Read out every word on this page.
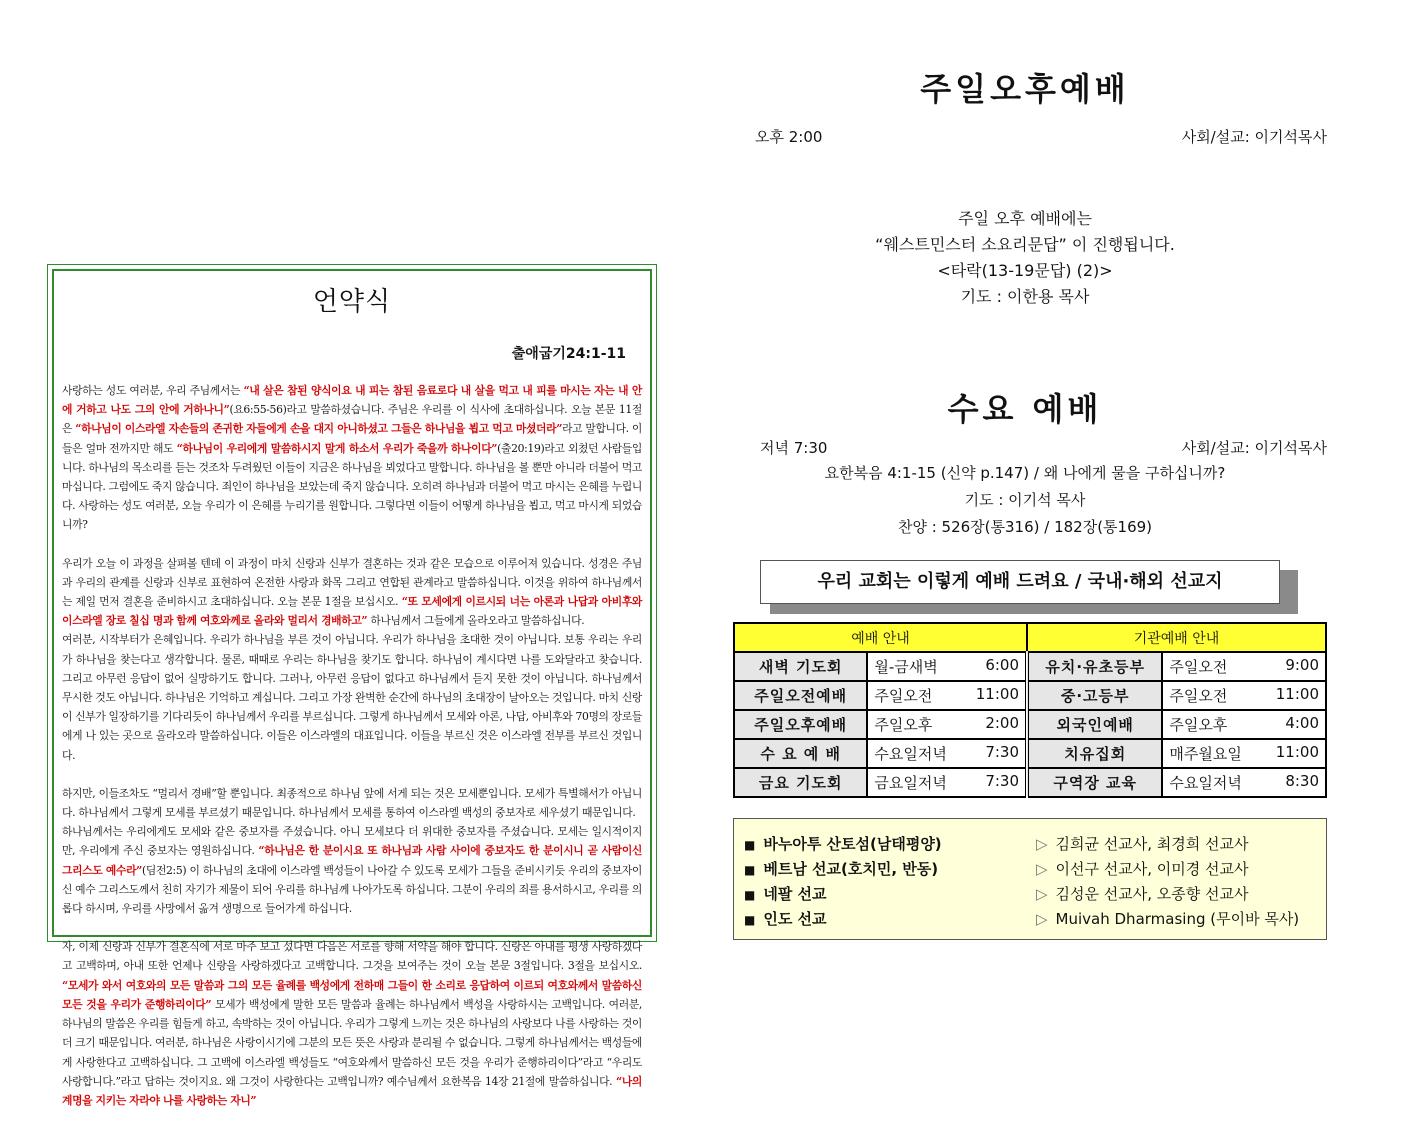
언약식
출애굽기24:1-11

사랑하는 성도 여러분, 우리 주님께서는 “내 살은 참된 양식이요 내 피는 참된 음료로다 내 살을 먹고 내 피를 마시는 자는 내 안에 거하고 나도 그의 안에 거하나니”(요6:55-56)라고 말씀하셨습니다. 주님은 우리를 이 식사에 초대하십니다. 오늘 본문 11절은 “하나님이 이스라엘 자손들의 존귀한 자들에게 손을 대지 아니하셨고 그들은 하나님을 뵙고 먹고 마셨더라”라고 말합니다. 이들은 얼마 전까지만 해도 “하나님이 우리에게 말씀하시지 말게 하소서 우리가 죽을까 하나이다”(출20:19)라고 외쳤던 사람들입니다. 하나님의 목소리를 듣는 것조차 두려웠던 이들이 지금은 하나님을 뵈었다고 말합니다. 하나님을 볼 뿐만 아니라 더불어 먹고 마십니다. 그럼에도 죽지 않습니다. 죄인이 하나님을 보았는데 죽지 않습니다. 오히려 하나님과 더불어 먹고 마시는 은혜를 누립니다. 사랑하는 성도 여러분, 오늘 우리가 이 은혜를 누리기를 원합니다. 그렇다면 이들이 어떻게 하나님을 뵙고, 먹고 마시게 되었습니까?

우리가 오늘 이 과정을 살펴볼 텐데 이 과정이 마치 신랑과 신부가 결혼하는 것과 같은 모습으로 이루어져 있습니다. 성경은 주님과 우리의 관계를 신랑과 신부로 표현하여 온전한 사랑과 화목 그리고 연합된 관계라고 말씀하십니다. 이것을 위하여 하나님께서는 제일 먼저 결혼을 준비하시고 초대하십니다. 오늘 본문 1절을 보십시오. “또 모세에게 이르시되 너는 아론과 나답과 아비후와 이스라엘 장로 칠십 명과 함께 여호와께로 올라와 멀리서 경배하고” 하나님께서 그들에게 올라오라고 말씀하십니다.

여러분, 시작부터가 은혜입니다. 우리가 하나님을 부른 것이 아닙니다. 우리가 하나님을 초대한 것이 아닙니다. 보통 우리는 우리가 하나님을 찾는다고 생각합니다. 물론, 때때로 우리는 하나님을 찾기도 합니다. 하나님이 계시다면 나를 도와달라고 찾습니다. 그리고 아무런 응답이 없어 실망하기도 합니다. 그러나, 아무런 응답이 없다고 하나님께서 듣지 못한 것이 아닙니다. 하나님께서 무시한 것도 아닙니다. 하나님은 기억하고 계십니다. 그리고 가장 완벽한 순간에 하나님의 초대장이 날아오는 것입니다. 마치 신랑이 신부가 일장하기를 기다리듯이 하나님께서 우리를 부르십니다. 그렇게 하나님께서 모세와 아론, 나답, 아비후와 70명의 장로들에게 나 있는 곳으로 올라오라 말씀하십니다. 이들은 이스라엘의 대표입니다. 이들을 부르신 것은 이스라엘 전부를 부르신 것입니다.

하지만, 이들조차도 “멀리서 경배”할 뿐입니다. 최종적으로 하나님 앞에 서게 되는 것은 모세뿐입니다. 모세가 특별해서가 아닙니다. 하나님께서 그렇게 모세를 부르셨기 때문입니다. 하나님께서 모세를 통하여 이스라엘 백성의 중보자로 세우셨기 때문입니다.

하나님께서는 우리에게도 모세와 같은 중보자를 주셨습니다. 아니 모세보다 더 위대한 중보자를 주셨습니다. 모세는 일시적이지만, 우리에게 주신 중보자는 영원하십니다. “하나님은 한 분이시요 또 하나님과 사람 사이에 중보자도 한 분이시니 곧 사람이신 그리스도 예수라”(딤전2:5) 이 하나님의 초대에 이스라엘 백성들이 나아갈 수 있도록 모세가 그들을 준비시키듯 우리의 중보자이신 예수 그리스도께서 친히 자기가 제물이 되어 우리를 하나님께 나아가도록 하십니다. 그분이 우리의 죄를 용서하시고, 우리를 의롭다 하시며, 우리를 사망에서 옮겨 생명으로 들어가게 하십니다.

자, 이제 신랑과 신부가 결혼식에 서로 마주 보고 섰다면 다음은 서로를 향해 서약을 해야 합니다. 신랑은 아내를 평생 사랑하겠다고 고백하며, 아내 또한 언제나 신랑을 사랑하겠다고 고백합니다. 그것을 보여주는 것이 오늘 본문 3절입니다. 3절을 보십시오. “모세가 와서 여호와의 모든 말씀과 그의 모든 율례를 백성에게 전하매 그들이 한 소리로 응답하여 이르되 여호와께서 말씀하신 모든 것을 우리가 준행하리이다” 모세가 백성에게 말한 모든 말씀과 율례는 하나님께서 백성을 사랑하시는 고백입니다. 여러분, 하나님의 말씀은 우리를 힘들게 하고, 속박하는 것이 아닙니다. 우리가 그렇게 느끼는 것은 하나님의 사랑보다 나를 사랑하는 것이 더 크기 때문입니다. 여러분, 하나님은 사랑이시기에 그분의 모든 뜻은 사랑과 분리될 수 없습니다. 그렇게 하나님께서는 백성들에게 사랑한다고 고백하십니다. 그 고백에 이스라엘 백성들도 “여호와께서 말씀하신 모든 것을 우리가 준행하리이다”라고 “우리도 사랑합니다.”라고 답하는 것이지요. 왜 그것이 사랑한다는 고백입니까? 예수님께서 요한복음 14장 21절에 말씀하십니다. “나의 계명을 지키는 자라야 나를 사랑하는 자니”

주일오후예배
오후 2:00	사회/설교: 이기석목사
주일 오후 예배에는
“웨스트민스터 소요리문답” 이 진행됩니다.
<타락(13-19문답) (2)>
기도 : 이한용 목사
수요 예배
저녁 7:30	사회/설교: 이기석목사
요한복음 4:1-15 (신약 p.147) / 왜 나에게 물을 구하십니까?
기도 : 이기석 목사
찬양 : 526장(통316) / 182장(통169)
우리 교회는 이렇게 예배 드려요 / 국내·해외 선교지
예배 안내		기관예배 안내	
새벽 기도회	월-금새벽 6:00	유치·유초등부	주일오전 9:00

주일오전예배	주일오전 11:00	중·고등부	주일오전 11:00

주일오후예배	주일오후 2:00	외국인예배	주일오후 4:00

수 요 예 배	수요일저녁 7:30	치유집회	매주월요일 11:00

금요 기도회	금요일저녁 7:30	구역장 교육	수요일저녁 8:30
■ 바누아투 산토섬(남태평양)	▷ 김희균 선교사, 최경희 선교사
■ 베트남 선교(호치민, 반동)	▷ 이선구 선교사, 이미경 선교사
■ 네팔 선교	▷ 김성운 선교사, 오종향 선교사
■ 인도 선교	▷ Muivah Dharmasing (무이바 목사)
